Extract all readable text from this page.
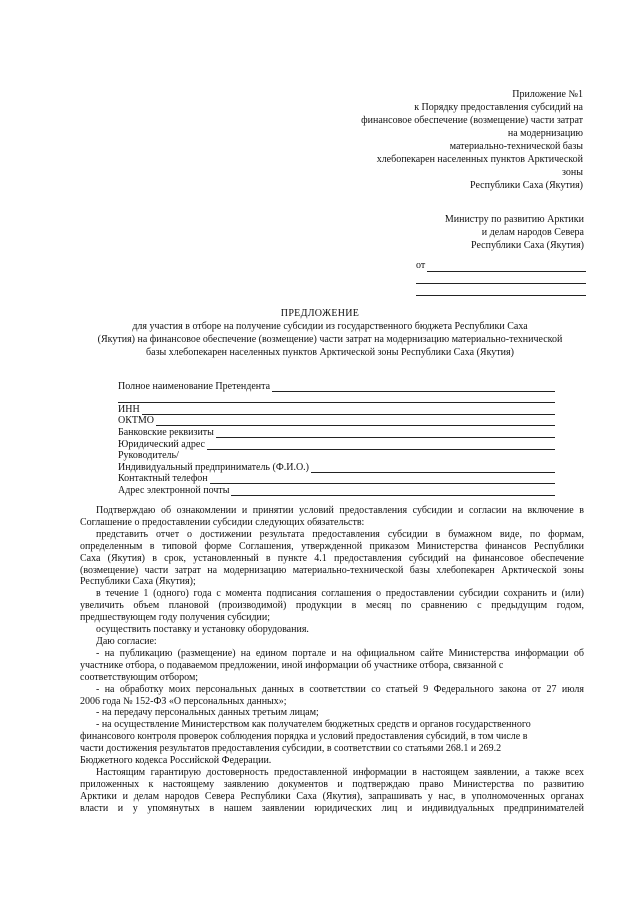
Приложение №1
к Порядку предоставления субсидий на
финансовое обеспечение (возмещение) части затрат
на модернизацию
материально-технической базы
хлебопекарен населенных пунктов Арктической
зоны
Республики Саха (Якутия)
Министру по развитию Арктики
и делам народов Севера
Республики Саха (Якутия)
от
ПРЕДЛОЖЕНИЕ
для участия в отборе на получение субсидии из государственного бюджета Республики Саха
(Якутия) на финансовое обеспечение (возмещение) части затрат на модернизацию материально-технической
базы хлебопекарен населенных пунктов Арктической зоны Республики Саха (Якутия)
Полное наименование Претендента
ИНН
ОКТМО
Банковские реквизиты
Юридический адрес
Руководитель/
Индивидуальный предприниматель (Ф.И.О.)
Контактный телефон
Адрес электронной почты

Подтверждаю об ознакомлении и принятии условий предоставления субсидии и согласии на включение в

Соглашение о предоставлении субсидии следующих обязательств:

представить отчет о достижении результата предоставления субсидии в бумажном виде, по формам,

определенным в типовой форме Соглашения, утвержденной приказом Министерства финансов Республики

Саха (Якутия) в срок, установленный в пункте 4.1 предоставления субсидий на финансовое обеспечение

(возмещение) части затрат на модернизацию материально-технической базы хлебопекарен Арктической зоны

Республики Саха (Якутия);

в течение 1 (одного) года с момента подписания соглашения о предоставлении субсидии сохранить и (или)

увеличить объем плановой (производимой) продукции в месяц по сравнению с предыдущим годом,

предшествующем году получения субсидии;

осуществить поставку и установку оборудования.

Даю согласие:

- на публикацию (размещение) на едином портале и на официальном сайте Министерства информации об

участнике отбора, о подаваемом предложении, иной информации об участнике отбора, связанной с

соответствующим отбором;

- на обработку моих персональных данных в соответствии со статьей 9 Федерального закона от 27 июля

2006 года № 152-ФЗ «О персональных данных»;

- на передачу персональных данных третьим лицам;

- на осуществление Министерством как получателем бюджетных средств и органов государственного

финансового контроля проверок соблюдения порядка и условий предоставления субсидий, в том числе в

части достижения результатов предоставления субсидии, в соответствии со статьями 268.1 и 269.2

Бюджетного кодекса Российской Федерации.

Настоящим гарантирую достоверность предоставленной информации в настоящем заявлении, а также всех

приложенных к настоящему заявлению документов и подтверждаю право Министерства по развитию

Арктики и делам народов Севера Республики Саха (Якутия), запрашивать у нас, в уполномоченных органах

власти и у упомянутых в нашем заявлении юридических лиц и индивидуальных предпринимателей
